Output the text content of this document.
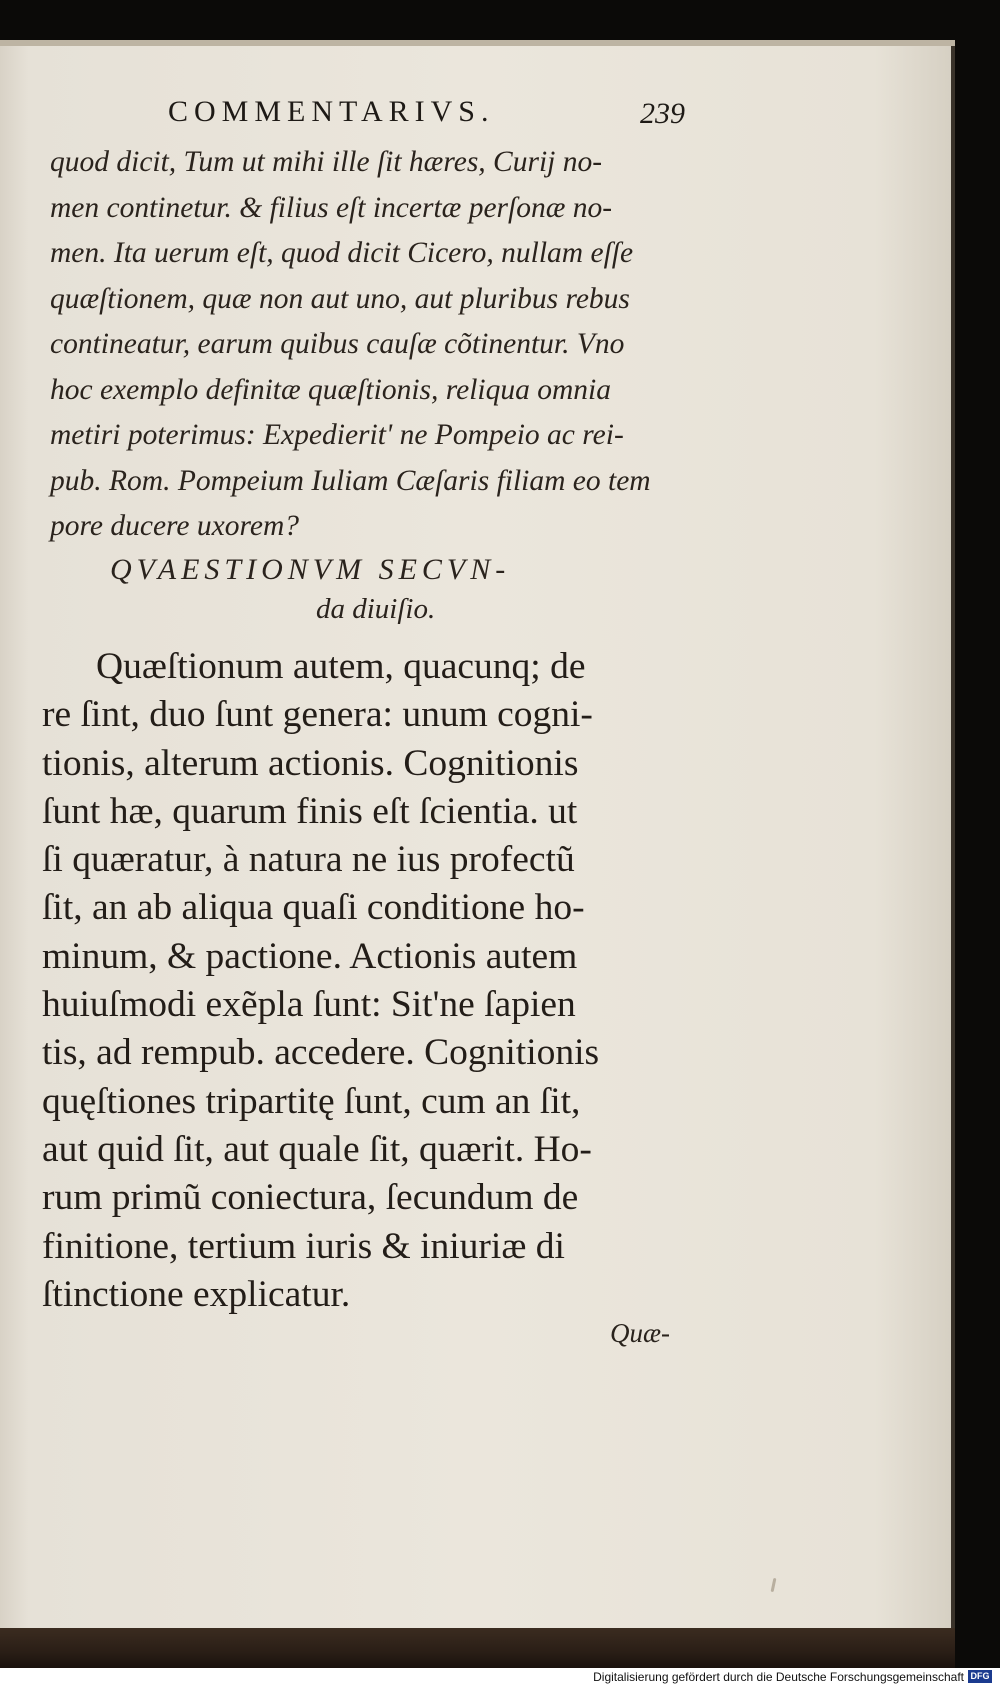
COMMENTARIVS.	239
quod dicit, Tum ut mihi ille ſit hæres, Curij no-
men continetur. & filius eſt incertæ perſonæ no-
men. Ita uerum eſt, quod dicit Cicero, nullam eſſe
quæſtionem, quæ non aut uno, aut pluribus rebus
contineatur, earum quibus cauſæ cõtinentur. Vno
hoc exemplo definitæ quæſtionis, reliqua omnia
metiri poterimus: Expedierit' ne Pompeio ac rei-
pub. Rom. Pompeium Iuliam Cæſaris filiam eo tem
pore ducere uxorem?
QVAESTIONVM SECVN-
da diuiſio.
Quæſtionum autem, quacunq; de
re ſint, duo ſunt genera: unum cogni-
tionis, alterum actionis. Cognitionis
ſunt hæ, quarum finis eſt ſcientia. ut
ſi quæratur, à natura ne ius profectũ
ſit, an ab aliqua quaſi conditione ho-
minum, & pactione. Actionis autem
huiuſmodi exẽpla ſunt: Sit'ne ſapien
tis, ad rempub. accedere. Cognitionis
quęſtiones tripartitę ſunt, cum an ſit,
aut quid ſit, aut quale ſit, quærit. Ho-
rum primũ coniectura, ſecundum de
finitione, tertium iuris & iniuriæ di
ſtinctione explicatur.
Quæ-
Digitalisierung gefördert durch die Deutsche Forschungsgemeinschaft DFG
